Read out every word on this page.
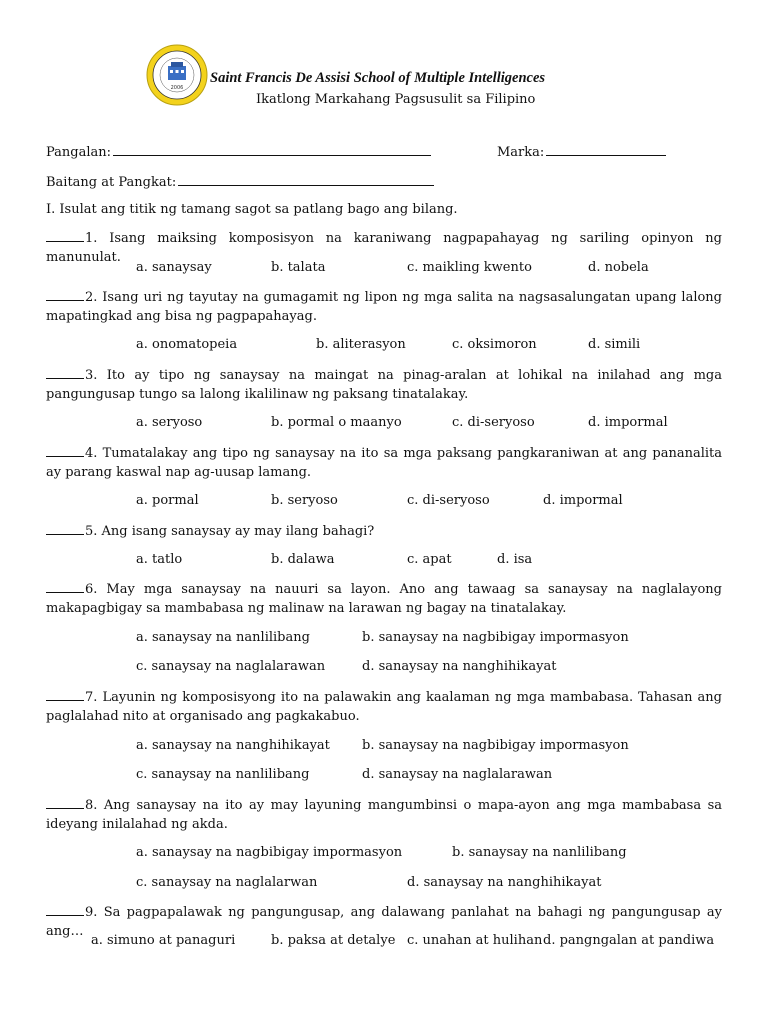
2006
Saint Francis De Assisi School of Multiple Intelligences
Ikatlong Markahang Pagsusulit sa Filipino
Pangalan:	Marka:
Baitang at Pangkat:
I. Isulat ang titik ng tamang sagot sa patlang bago ang bilang.
1. Isang maiksing komposisyon na karaniwang nagpapahayag ng sariling opinyon ng manunulat.
a. sanaysay	b. talata	c. maikling kwento	d. nobela
2. Isang uri ng tayutay na gumagamit ng lipon ng mga salita na nagsasalungatan upang lalong mapatingkad ang bisa ng pagpapahayag.
a. onomatopeia	b. aliterasyon	c. oksimoron	d. simili
3. Ito ay tipo ng sanaysay na maingat na pinag-aralan at lohikal na inilahad ang mga pangungusap tungo sa lalong ikalilinaw ng paksang tinatalakay.
a. seryoso	b. pormal o maanyo	c. di-seryoso	d. impormal
4. Tumatalakay ang tipo ng sanaysay na ito sa mga paksang pangkaraniwan at ang pananalita ay parang kaswal nap ag-uusap lamang.
a. pormal	b. seryoso	c. di-seryoso	d. impormal
5. Ang isang sanaysay ay may ilang bahagi?
a. tatlo	b. dalawa	c. apat	d. isa
6. May mga sanaysay na nauuri sa layon. Ano ang tawaag sa sanaysay na naglalayong makapagbigay sa mambabasa ng malinaw na larawan ng bagay na tinatalakay.
a. sanaysay na nanlilibang	b. sanaysay na nagbibigay impormasyon
c. sanaysay na naglalarawan	d. sanaysay na nanghihikayat
7. Layunin ng komposisyong ito na palawakin ang kaalaman ng mga mambabasa. Tahasan ang paglalahad nito at organisado ang pagkakabuo.
a. sanaysay na nanghihikayat b. sanaysay na nagbibigay impormasyon
c. sanaysay na nanlilibang	d. sanaysay na naglalarawan
8. Ang sanaysay na ito ay may layuning mangumbinsi o mapa-ayon ang mga mambabasa sa ideyang inilalahad ng akda.
a. sanaysay na nagbibigay impormasyon	b. sanaysay na nanlilibang
c. sanaysay na naglalarwan	d. sanaysay na nanghihikayat
9. Sa pagpapalawak ng pangungusap, ang dalawang panlahat na bahagi ng pangungusap ay ang…
a. simuno at panaguri	b. paksa at detalye c. unahan at hulihan d. pangngalan at pandiwa
